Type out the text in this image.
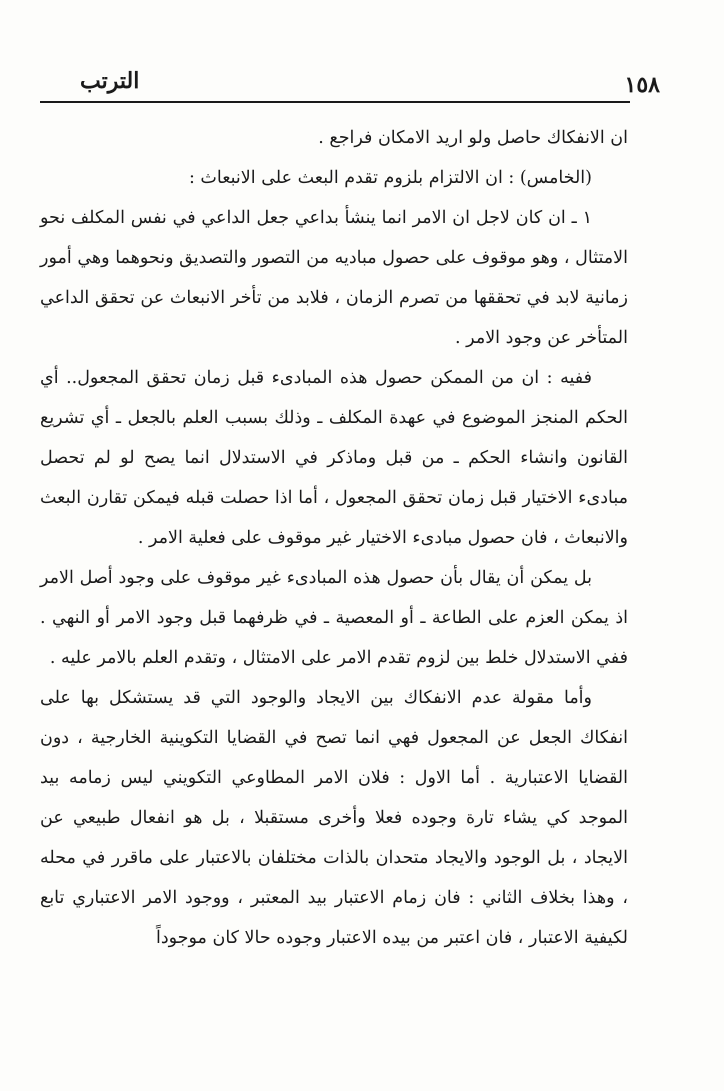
١٥٨
الترتب

ان الانفكاك حاصل ولو اريد الامكان فراجع .

(الخامس) : ان الالتزام بلزوم تقدم البعث على الانبعاث :

١ ـ ان كان لاجل ان الامر انما ينشأ بداعي جعل الداعي في نفس المكلف نحو الامتثال ، وهو موقوف على حصول مباديه من التصور والتصديق ونحوهما وهي أمور زمانية لابد في تحققها من تصرم الزمان ، فلابد من تأخر الانبعاث عن تحقق الداعي المتأخر عن وجود الامر .

ففيه : ان من الممكن حصول هذه المبادىء قبل زمان تحقق المجعول.. أي الحكم المنجز الموضوع في عهدة المكلف ـ وذلك بسبب العلم بالجعل ـ أي تشريع القانون وانشاء الحكم ـ من قبل وماذكر في الاستدلال انما يصح لو لم تحصل مبادىء الاختيار قبل زمان تحقق المجعول ، أما اذا حصلت قبله فيمكن تقارن البعث والانبعاث ، فان حصول مبادىء الاختيار غير موقوف على فعلية الامر .

بل يمكن أن يقال بأن حصول هذه المبادىء غير موقوف على وجود أصل الامر اذ يمكن العزم على الطاعة ـ أو المعصية ـ في ظرفهما قبل وجود الامر أو النهي . ففي الاستدلال خلط بين لزوم تقدم الامر على الامتثال ، وتقدم العلم بالامر عليه .

وأما مقولة عدم الانفكاك بين الايجاد والوجود التي قد يستشكل بها على انفكاك الجعل عن المجعول فهي انما تصح في القضايا التكوينية الخارجية ، دون القضايا الاعتبارية . أما الاول : فلان الامر المطاوعي التكويني ليس زمامه بيد الموجد كي يشاء تارة وجوده فعلا وأخرى مستقبلا ، بل هو انفعال طبيعي عن الايجاد ، بل الوجود والايجاد متحدان بالذات مختلفان بالاعتبار على ماقرر في محله ، وهذا بخلاف الثاني : فان زمام الاعتبار بيد المعتبر ، ووجود الامر الاعتباري تابع لكيفية الاعتبار ، فان اعتبر من بيده الاعتبار وجوده حالا كان موجوداً
